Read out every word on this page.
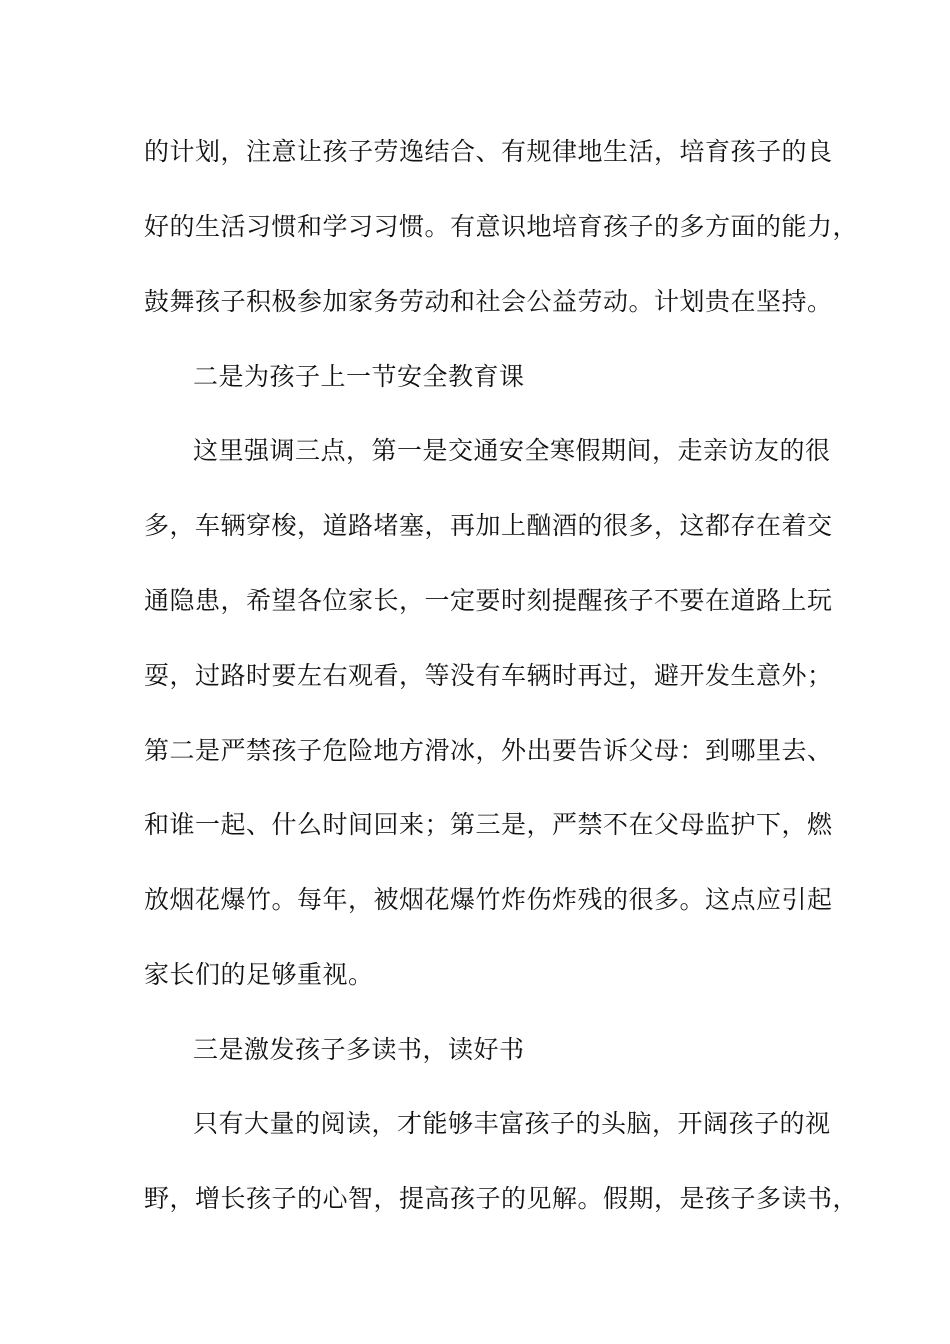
的计划，注意让孩子劳逸结合、有规律地生活，培育孩子的良
好的生活习惯和学习习惯。有意识地培育孩子的多方面的能力，
鼓舞孩子积极参加家务劳动和社会公益劳动。计划贵在坚持。
二是为孩子上一节安全教育课
这里强调三点，第一是交通安全寒假期间，走亲访友的很
多，车辆穿梭，道路堵塞，再加上酗酒的很多，这都存在着交
通隐患，希望各位家长，一定要时刻提醒孩子不要在道路上玩
耍，过路时要左右观看，等没有车辆时再过，避开发生意外；
第二是严禁孩子危险地方滑冰，外出要告诉父母：到哪里去、
和谁一起、什么时间回来；第三是，严禁不在父母监护下，燃
放烟花爆竹。每年，被烟花爆竹炸伤炸残的很多。这点应引起
家长们的足够重视。
三是激发孩子多读书，读好书
只有大量的阅读，才能够丰富孩子的头脑，开阔孩子的视
野，增长孩子的心智，提高孩子的见解。假期，是孩子多读书，
